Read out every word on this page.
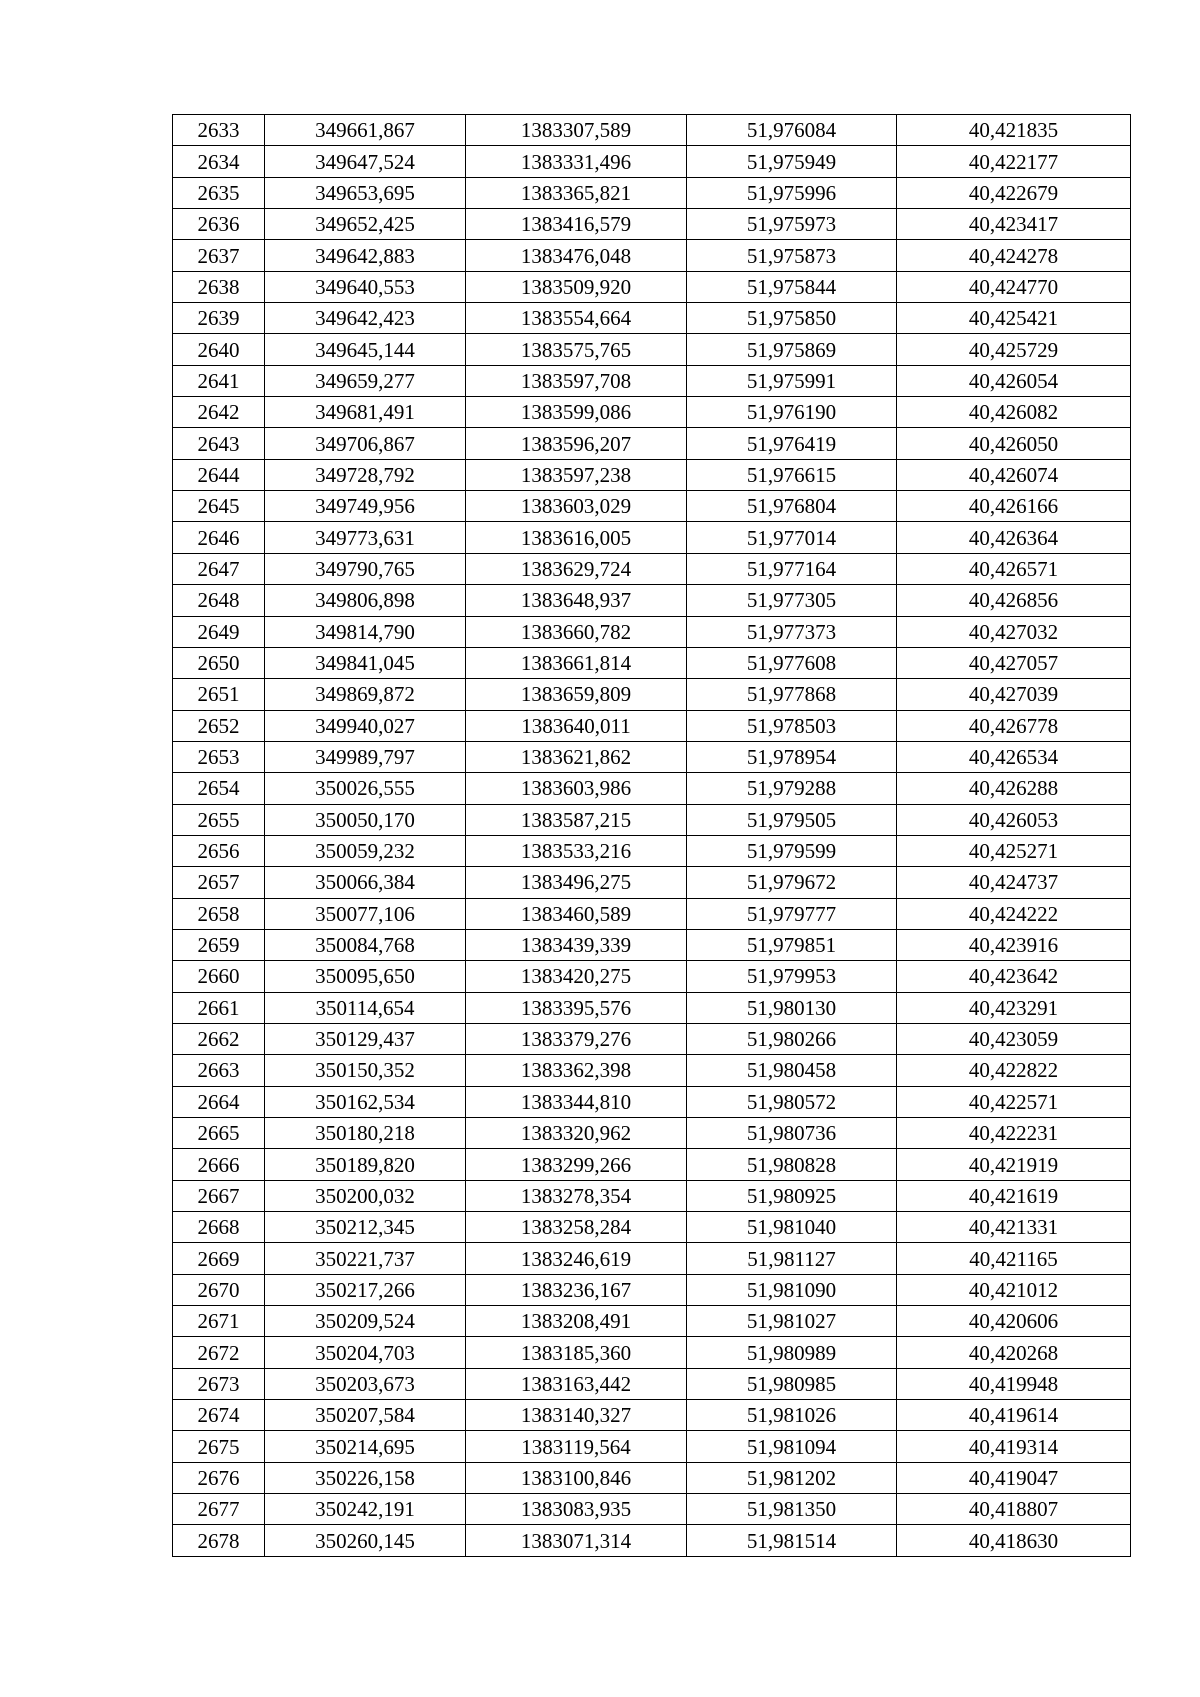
2633	349661,867	1383307,589	51,976084	40,421835
2634	349647,524	1383331,496	51,975949	40,422177
2635	349653,695	1383365,821	51,975996	40,422679
2636	349652,425	1383416,579	51,975973	40,423417
2637	349642,883	1383476,048	51,975873	40,424278
2638	349640,553	1383509,920	51,975844	40,424770
2639	349642,423	1383554,664	51,975850	40,425421
2640	349645,144	1383575,765	51,975869	40,425729
2641	349659,277	1383597,708	51,975991	40,426054
2642	349681,491	1383599,086	51,976190	40,426082
2643	349706,867	1383596,207	51,976419	40,426050
2644	349728,792	1383597,238	51,976615	40,426074
2645	349749,956	1383603,029	51,976804	40,426166
2646	349773,631	1383616,005	51,977014	40,426364
2647	349790,765	1383629,724	51,977164	40,426571
2648	349806,898	1383648,937	51,977305	40,426856
2649	349814,790	1383660,782	51,977373	40,427032
2650	349841,045	1383661,814	51,977608	40,427057
2651	349869,872	1383659,809	51,977868	40,427039
2652	349940,027	1383640,011	51,978503	40,426778
2653	349989,797	1383621,862	51,978954	40,426534
2654	350026,555	1383603,986	51,979288	40,426288
2655	350050,170	1383587,215	51,979505	40,426053
2656	350059,232	1383533,216	51,979599	40,425271
2657	350066,384	1383496,275	51,979672	40,424737
2658	350077,106	1383460,589	51,979777	40,424222
2659	350084,768	1383439,339	51,979851	40,423916
2660	350095,650	1383420,275	51,979953	40,423642
2661	350114,654	1383395,576	51,980130	40,423291
2662	350129,437	1383379,276	51,980266	40,423059
2663	350150,352	1383362,398	51,980458	40,422822
2664	350162,534	1383344,810	51,980572	40,422571
2665	350180,218	1383320,962	51,980736	40,422231
2666	350189,820	1383299,266	51,980828	40,421919
2667	350200,032	1383278,354	51,980925	40,421619
2668	350212,345	1383258,284	51,981040	40,421331
2669	350221,737	1383246,619	51,981127	40,421165
2670	350217,266	1383236,167	51,981090	40,421012
2671	350209,524	1383208,491	51,981027	40,420606
2672	350204,703	1383185,360	51,980989	40,420268
2673	350203,673	1383163,442	51,980985	40,419948
2674	350207,584	1383140,327	51,981026	40,419614
2675	350214,695	1383119,564	51,981094	40,419314
2676	350226,158	1383100,846	51,981202	40,419047
2677	350242,191	1383083,935	51,981350	40,418807
2678	350260,145	1383071,314	51,981514	40,418630
